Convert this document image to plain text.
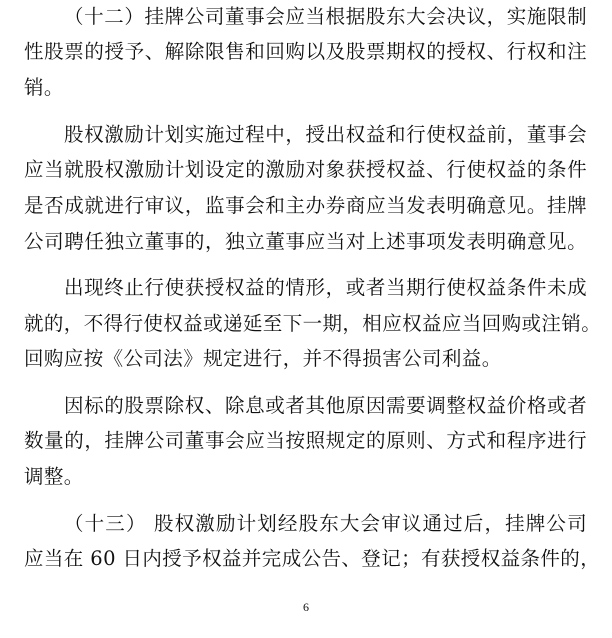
（十二）挂牌公司董事会应当根据股东大会决议，实施限制
性股票的授予、解除限售和回购以及股票期权的授权、行权和注
销。
股权激励计划实施过程中，授出权益和行使权益前，董事会
应当就股权激励计划设定的激励对象获授权益、行使权益的条件
是否成就进行审议，监事会和主办券商应当发表明确意见。挂牌
公司聘任独立董事的，独立董事应当对上述事项发表明确意见。
出现终止行使获授权益的情形，或者当期行使权益条件未成
就的，不得行使权益或递延至下一期，相应权益应当回购或注销。
回购应按《公司法》规定进行，并不得损害公司利益。
因标的股票除权、除息或者其他原因需要调整权益价格或者
数量的，挂牌公司董事会应当按照规定的原则、方式和程序进行
调整。
（十三） 股权激励计划经股东大会审议通过后，挂牌公司
应当在 60 日内授予权益并完成公告、登记；有获授权益条件的，
6
